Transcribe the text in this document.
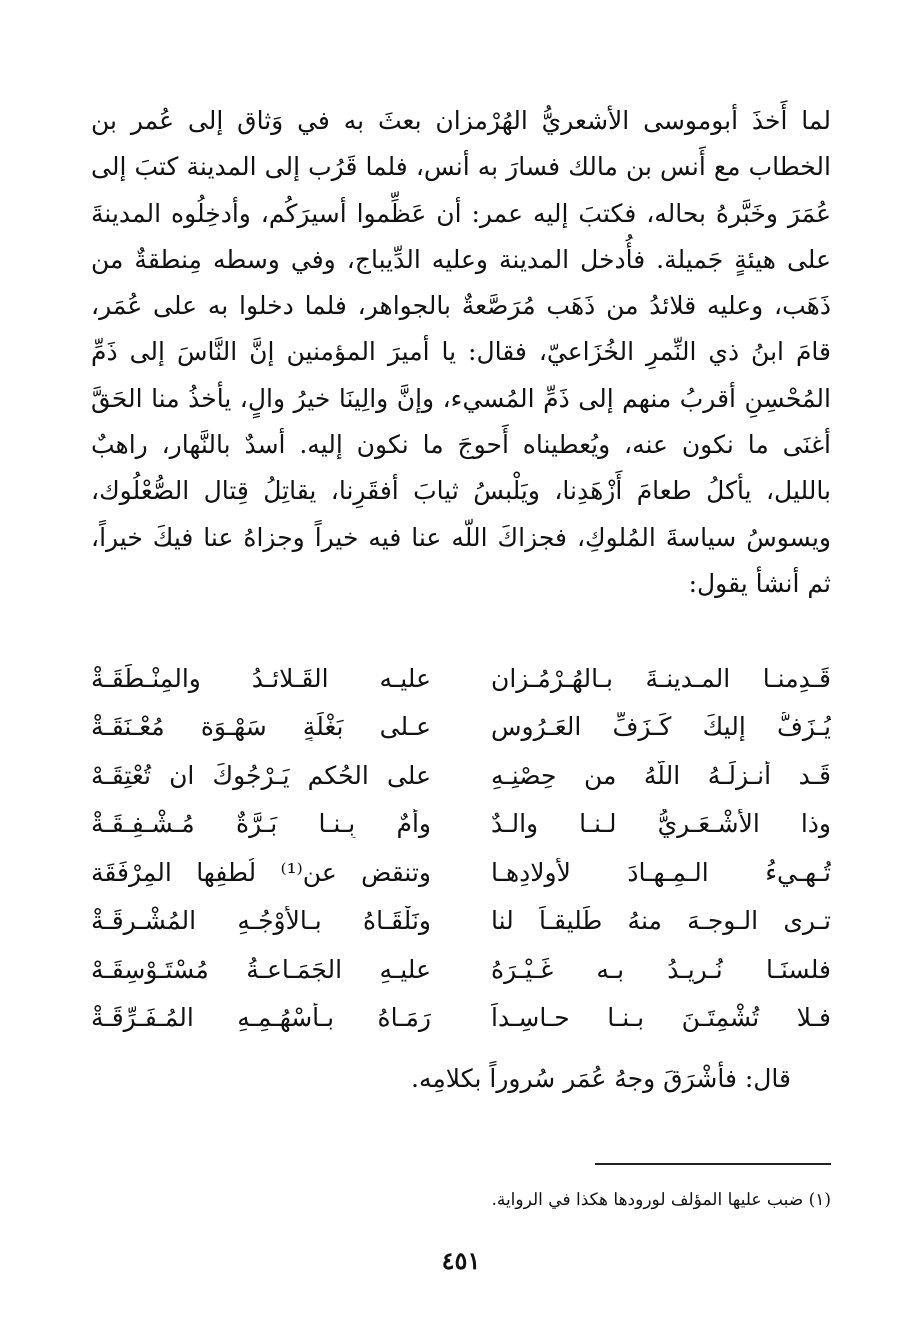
لما أَخذَ أبوموسى الأشعريُّ الهُرْمزان بعثَ به في وَثاق إلى عُمر بن الخطاب مع أَنس بن مالك فسارَ به أنس، فلما قَرُب إلى المدينة كتبَ إلى عُمَرَ وخَبَّرهُ بحاله، فكتبَ إليه عمر: أن عَظِّموا أسيرَكُم، وأدخِلُوه المدينةَ على هيئةٍ جَميلة. فأُدخل المدينة وعليه الدِّيباج، وفي وسطه مِنطقةٌ من ذَهَب، وعليه قلائدُ من ذَهَب مُرَصَّعةٌ بالجواهر، فلما دخلوا به على عُمَر، قامَ ابنُ ذي النِّمرِ الخُزَاعيّ، فقال: يا أميرَ المؤمنين إنَّ النَّاسَ إلى ذَمِّ المُحْسِنِ أقربُ منهم إلى ذَمِّ المُسيء، وإنَّ والِينَا خيرُ والٍ، يأخذُ منا الحَقَّ أغنَى ما نكون عنه، ويُعطيناه أَحوجَ ما نكون إليه. أسدٌ بالنَّهار، راهبٌ بالليل، يأكلُ طعامَ أَزْهَدِنا، ويَلْبسُ ثيابَ أفقَرِنا، يقاتِلُ قِتال الصُّعْلُوك، ويسوسُ سياسةَ المُلوكِ، فجزاكَ اللّه عنا فيه خيراً وجزاهُ عنا فيكَ خيراً، ثم أنشأ يقول:

قَـدِمنـا المـدينـةَ بـالهُـرْمُـزان
عليـه القَـلائـدُ والمِنْـطَقَـةْ
يُـزَفُّ إليكَ كَـزَفِّ العَـرُوسِ
عـلى بَغْلَةٍ سَهْـوَة مُعْـنَقَـةْ
قَـد أنـزلَـهُ اللّهُ من حِصْنِـهِ
على الحُكم يَـرْجُوكَ ان تُعْتِقَـهْ
وذا الأشْـعَـريُّ لـنـا والـدٌ
وأمٌ بِـنـا بَـرَّةٌ مُـشْـفِـقَـةْ
تُـهـيءُ الـمِـهـادَ لأولادِهـا
وتنقض عن⁽¹⁾ لُطفِها المِرْفَقَة
تـرى الـوجـهَ منهُ طَليقـاً لنا
ونَلْقَـاهُ بـالأوْجُـهِ المُشْـرِقَـةْ
فلسنَـا نُـريـدُ بـه غَـيْـرَهُ
عليـهِ الجَمَـاعـةُ مُسْتَـوْسِقَـهْ
فـلا تُشْمِتَـنَ بـنـا حـاسِـداً
رَمَـاهُ بـأَسْهُـمِـهِ المُـفَـرِّقَـةْ

قال: فأشْرَقَ وجهُ عُمَر سُروراً بكلامِه.

(١) ضبب عليها المؤلف لورودها هكذا في الرواية.

٤٥١
